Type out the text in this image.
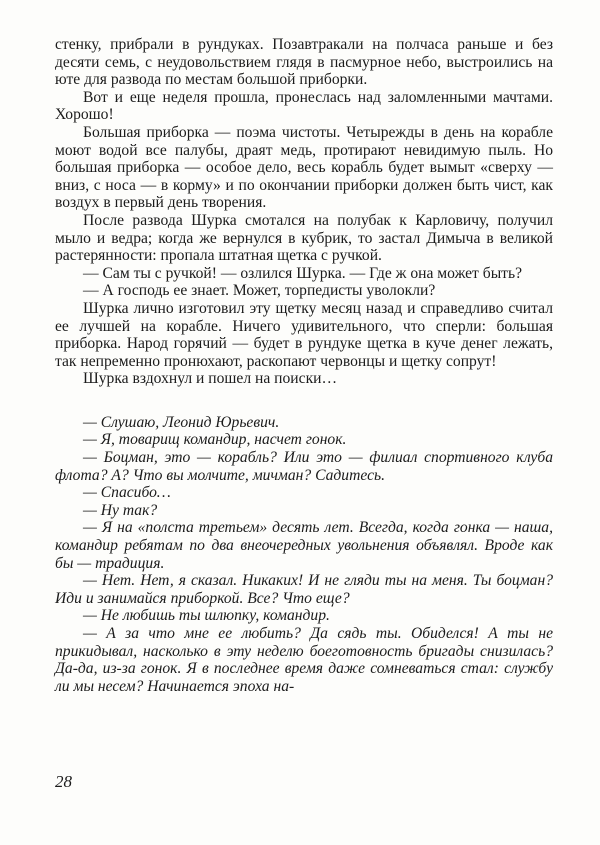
стенку, прибрали в рундуках. Позавтракали на полчаса раньше и без десяти семь, с неудовольствием глядя в пасмурное небо, выстроились на юте для развода по местам большой приборки.

Вот и еще неделя прошла, пронеслась над заломленными мачтами. Хорошо!

Большая приборка — поэма чистоты. Четырежды в день на корабле моют водой все палубы, драят медь, протирают невидимую пыль. Но большая приборка — особое дело, весь корабль будет вымыт «сверху — вниз, с носа — в корму» и по окончании приборки должен быть чист, как воздух в первый день творения.

После развода Шурка смотался на полубак к Карловичу, получил мыло и ведра; когда же вернулся в кубрик, то застал Димыча в великой растерянности: пропала штатная щетка с ручкой.

— Сам ты с ручкой! — озлился Шурка. — Где ж она может быть?

— А господь ее знает. Может, торпедисты уволокли?

Шурка лично изготовил эту щетку месяц назад и справедливо считал ее лучшей на корабле. Ничего удивительного, что сперли: большая приборка. Народ горячий — будет в рундуке щетка в куче денег лежать, так непременно пронюхают, раскопают червонцы и щетку сопрут!

Шурка вздохнул и пошел на поиски…

— Слушаю, Леонид Юрьевич.

— Я, товарищ командир, насчет гонок.

— Боцман, это — корабль? Или это — филиал спортивного клуба флота? А? Что вы молчите, мичман? Садитесь.

— Спасибо…

— Ну так?

— Я на «полста третьем» десять лет. Всегда, когда гонка — наша, командир ребятам по два внеочередных увольнения объявлял. Вроде как бы — традиция.

— Нет. Нет, я сказал. Никаких! И не гляди ты на меня. Ты боцман? Иди и занимайся приборкой. Все? Что еще?

— Не любишь ты шлюпку, командир.

— А за что мне ее любить? Да сядь ты. Обиделся! А ты не прикидывал, насколько в эту неделю боеготовность бригады снизилась? Да-да, из-за гонок. Я в последнее время даже сомневаться стал: службу ли мы несем? Начинается эпоха на-

28
